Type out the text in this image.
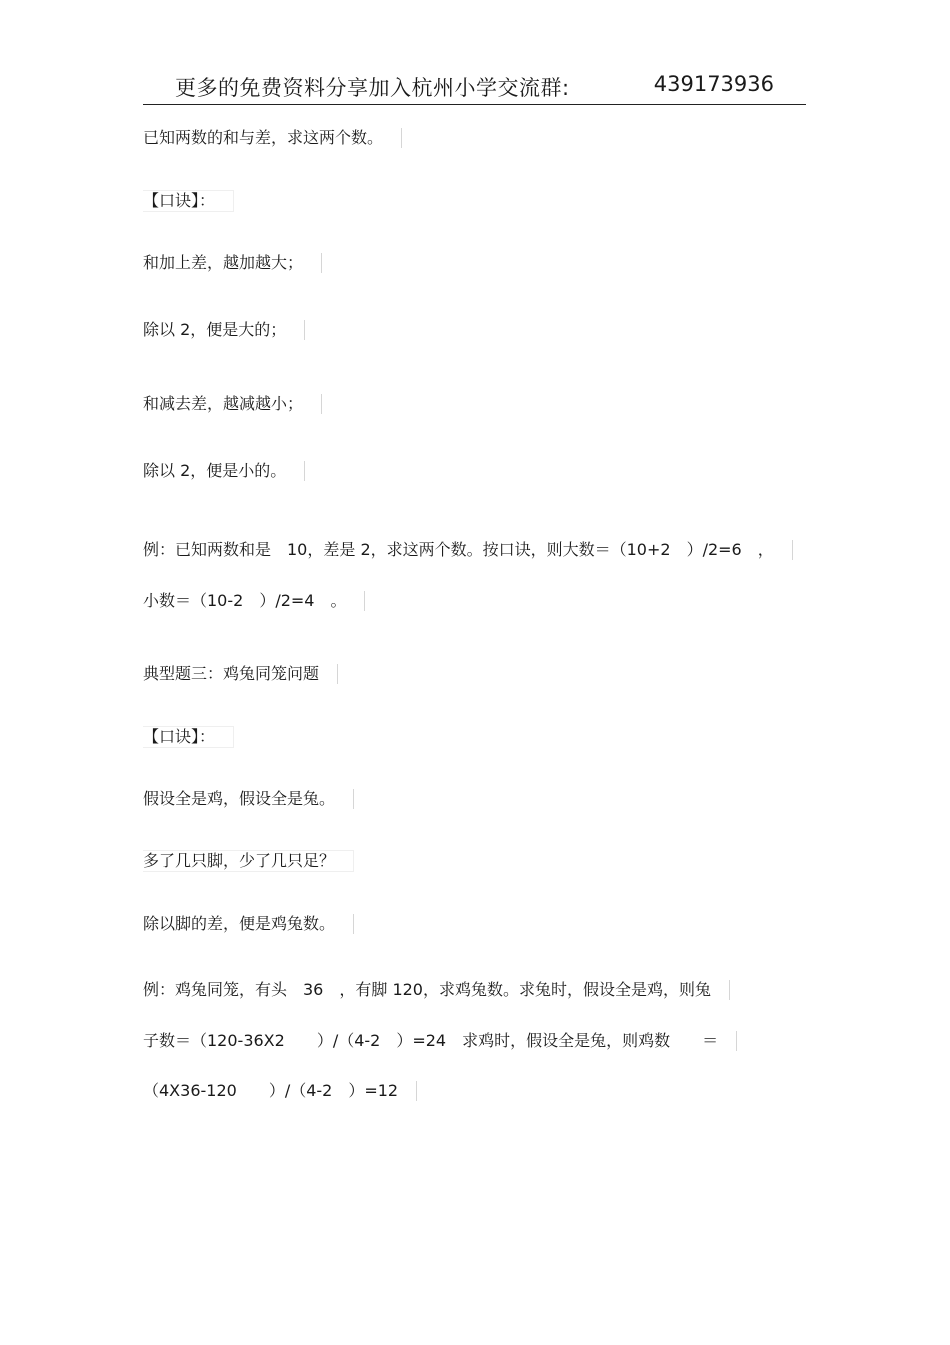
更多的免费资料分享加入杭州小学交流群:	439173936
已知两数的和与差，求这两个数。
【口诀】：
和加上差，越加越大；
除以 2，便是大的；
和减去差，越减越小；
除以 2，便是小的。
例：已知两数和是　10，差是 2，求这两个数。按口诀，则大数＝（10+2　）/2=6　，
小数＝（10-2　）/2=4　。
典型题三：鸡兔同笼问题
【口诀】：
假设全是鸡，假设全是兔。
多了几只脚，少了几只足？
除以脚的差，便是鸡兔数。
例：鸡兔同笼，有头　36　，有脚 120，求鸡兔数。求兔时，假设全是鸡，则兔
子数＝（120-36X2　　）/（4-2　）=24　求鸡时，假设全是兔，则鸡数　　＝
（4X36-120　　）/（4-2　）=12
